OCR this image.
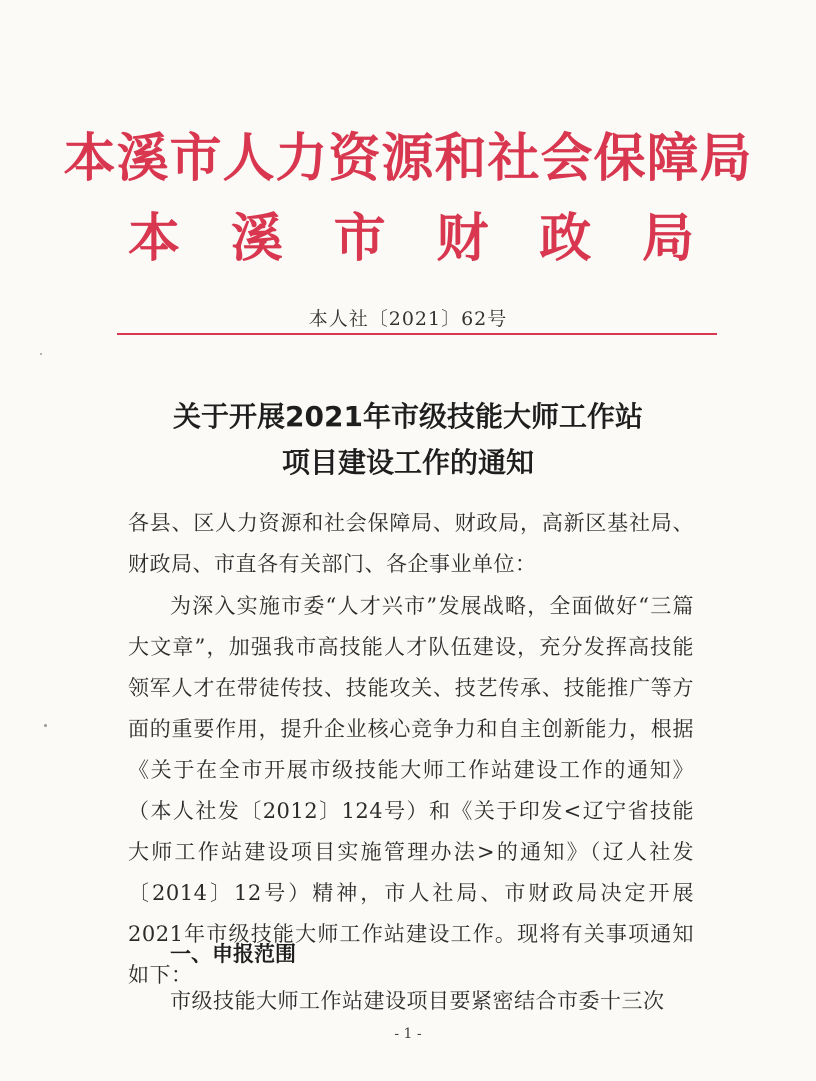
本溪市人力资源和社会保障局
本 溪 市 财 政 局
本人社〔2021〕62号
关于开展2021年市级技能大师工作站
项目建设工作的通知
各县、区人力资源和社会保障局、财政局，高新区基社局、财政局、市直各有关部门、各企事业单位：
为深入实施市委“人才兴市”发展战略，全面做好“三篇大文章”，加强我市高技能人才队伍建设，充分发挥高技能领军人才在带徒传技、技能攻关、技艺传承、技能推广等方面的重要作用，提升企业核心竞争力和自主创新能力，根据《关于在全市开展市级技能大师工作站建设工作的通知》（本人社发〔2012〕124号）和《关于印发<辽宁省技能大师工作站建设项目实施管理办法>的通知》（辽人社发〔2014〕12号）精神，市人社局、市财政局决定开展2021年市级技能大师工作站建设工作。现将有关事项通知如下：
一、申报范围
市级技能大师工作站建设项目要紧密结合市委十三次
- 1 -
